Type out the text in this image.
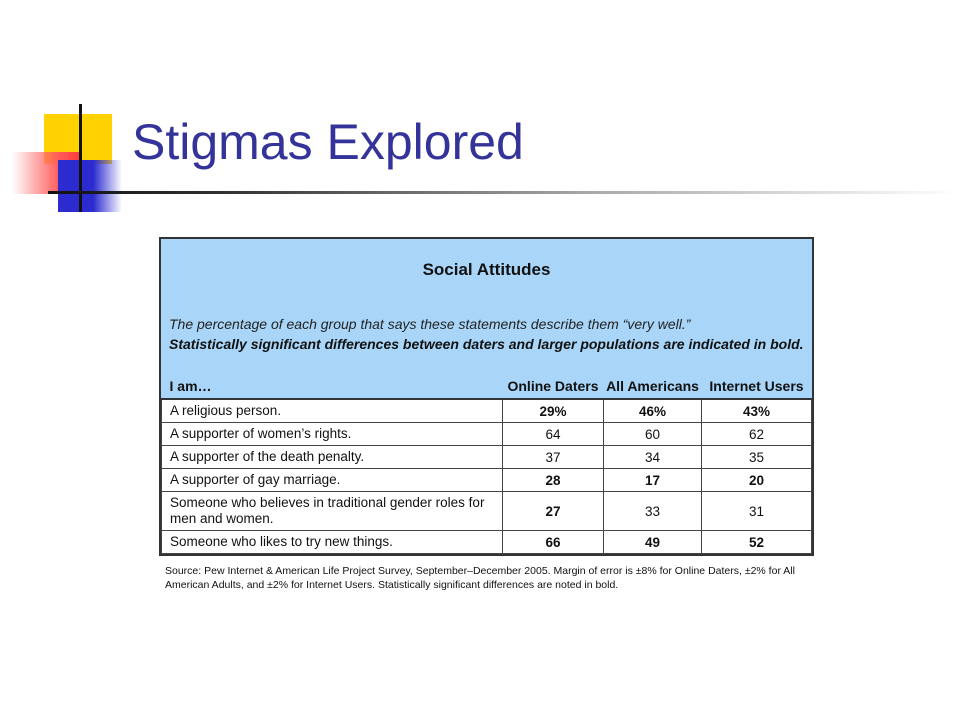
Stigmas Explored
Social Attitudes
The percentage of each group that says these statements describe them “very well.”
Statistically significant differences between daters and larger populations are indicated in bold.
I am…	Online Daters	All Americans	Internet Users
A religious person.	29%	46%	43%
A supporter of women’s rights.	64	60	62
A supporter of the death penalty.	37	34	35
A supporter of gay marriage.	28	17	20
Someone who believes in traditional gender roles for men and women.	27	33	31
Someone who likes to try new things.	66	49	52
Source: Pew Internet & American Life Project Survey, September–December 2005. Margin of error is ±8% for Online Daters, ±2% for All American Adults, and ±2% for Internet Users. Statistically significant differences are noted in bold.
